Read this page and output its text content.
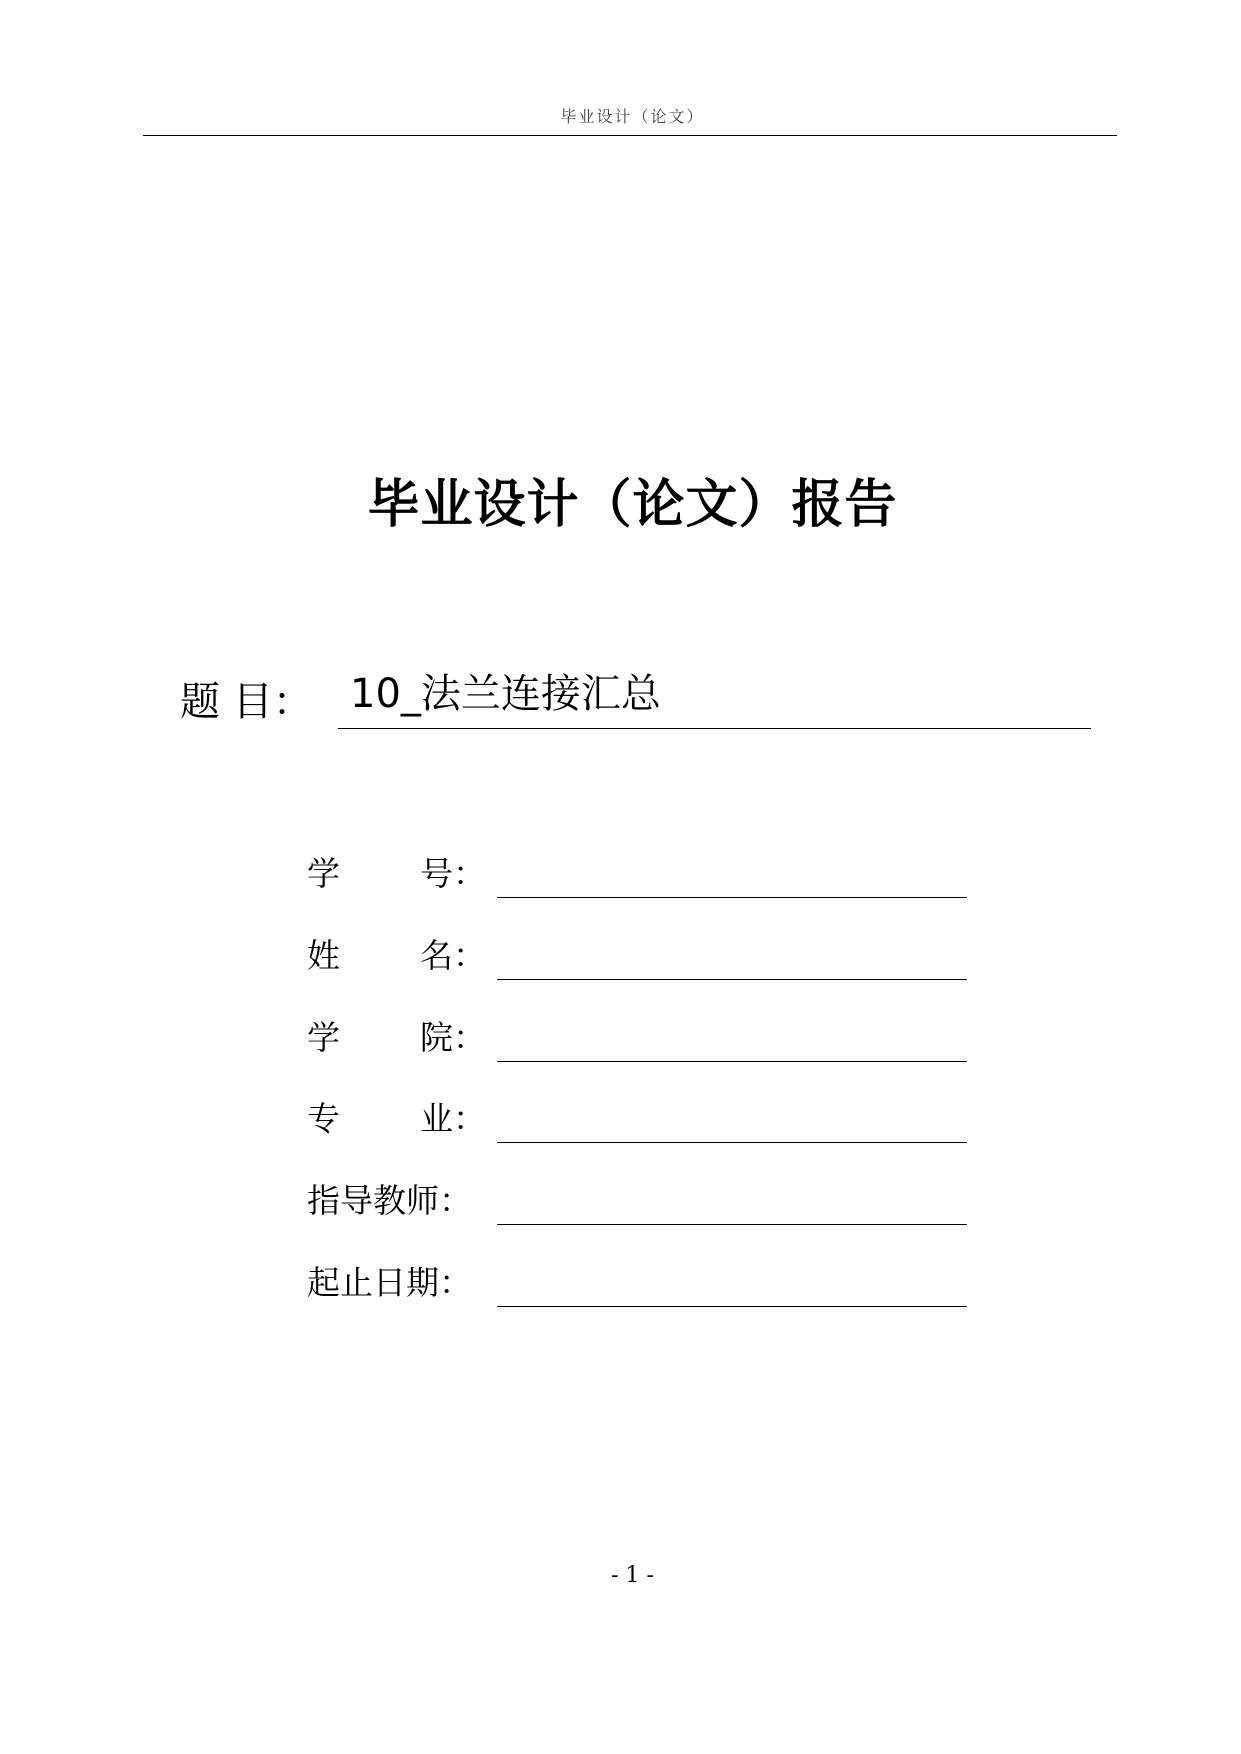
毕业设计（论文）
毕业设计（论文）报告
题 目： 10_法兰连接汇总
学 号：
姓 名：
学 院：
专 业：
指导教师：
起止日期：
- 1 -
